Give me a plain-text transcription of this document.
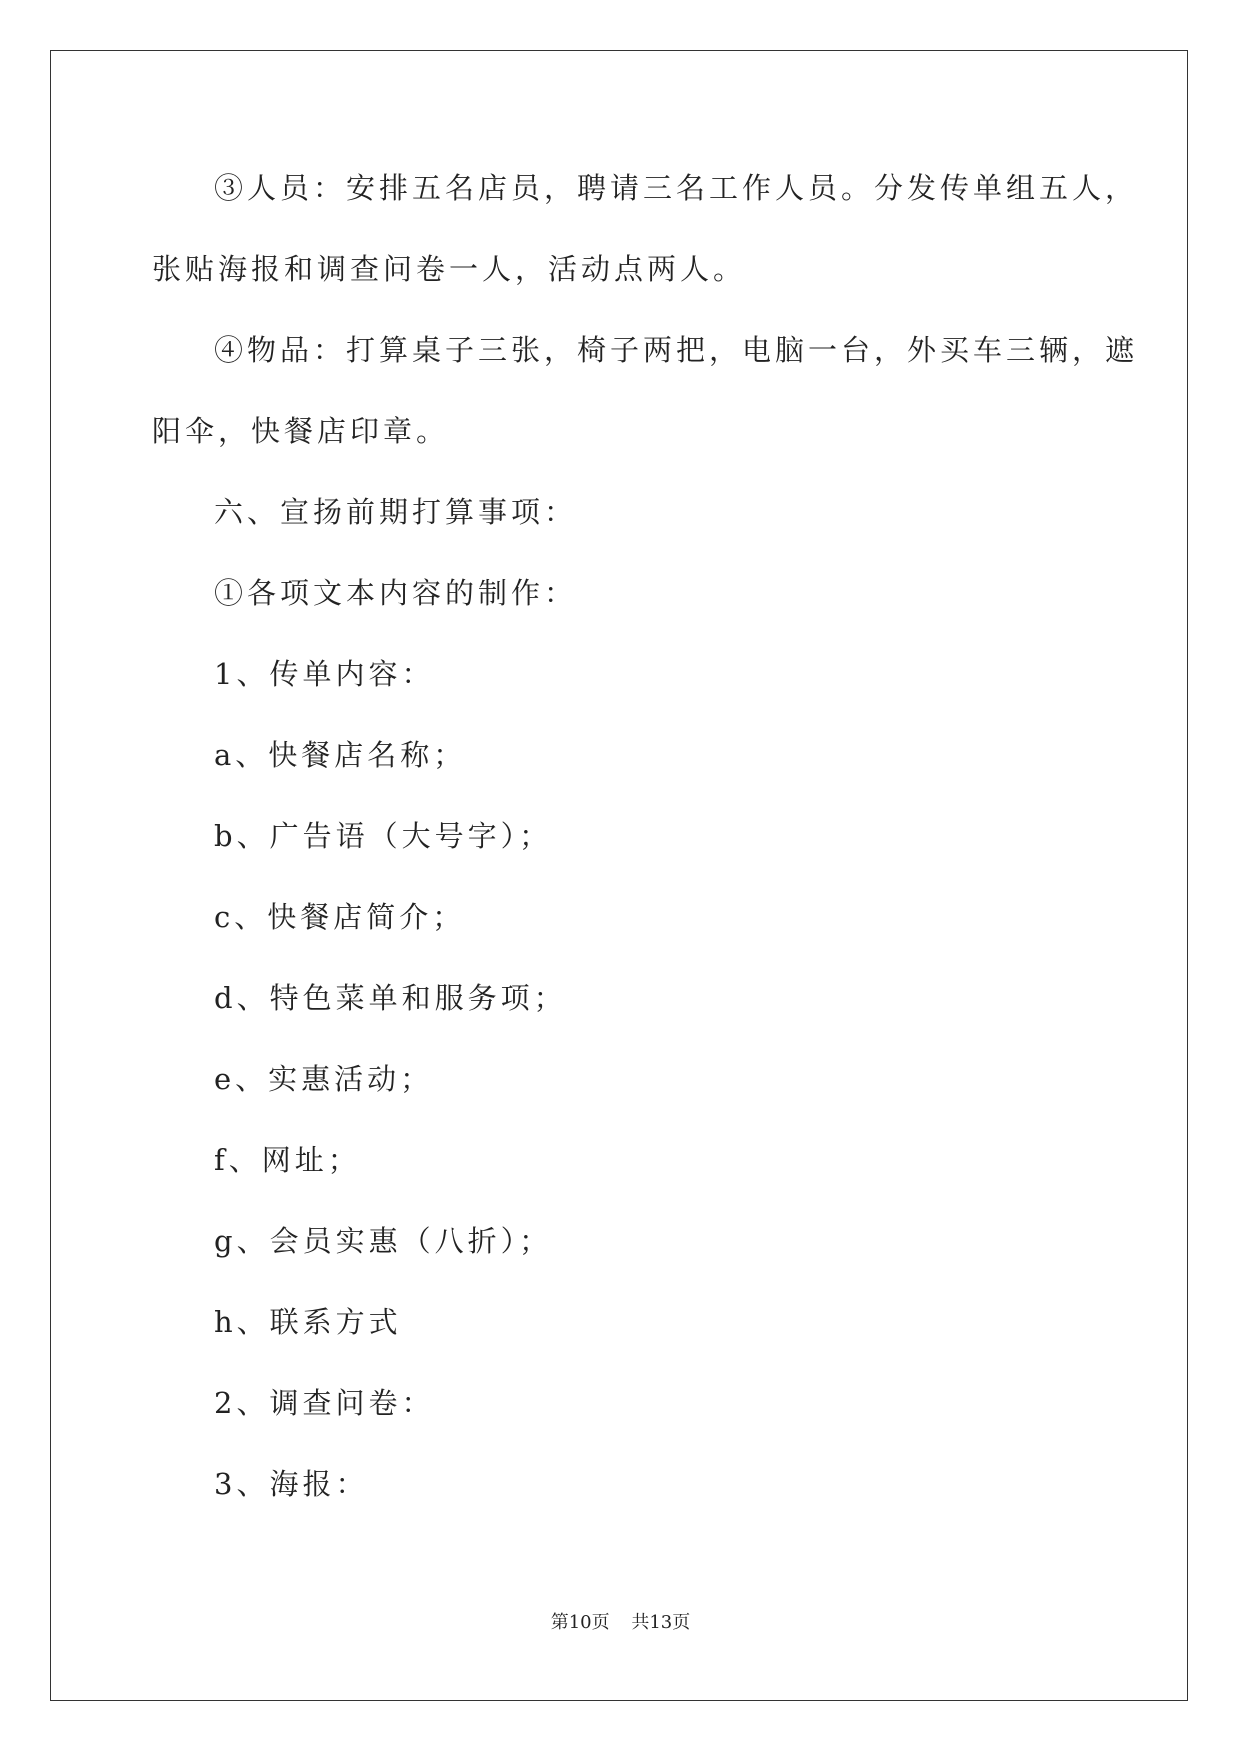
③人员：安排五名店员，聘请三名工作人员。分发传单组五人，
张贴海报和调查问卷一人，活动点两人。
④物品：打算桌子三张，椅子两把，电脑一台，外买车三辆，遮
阳伞，快餐店印章。
六、宣扬前期打算事项：
①各项文本内容的制作：
1、传单内容：
a、快餐店名称；
b、广告语（大号字）；
c、快餐店简介；
d、特色菜单和服务项；
e、实惠活动；
f、网址；
g、会员实惠（八折）；
h、联系方式
2、调查问卷：
3、海报：
第10页 共13页
